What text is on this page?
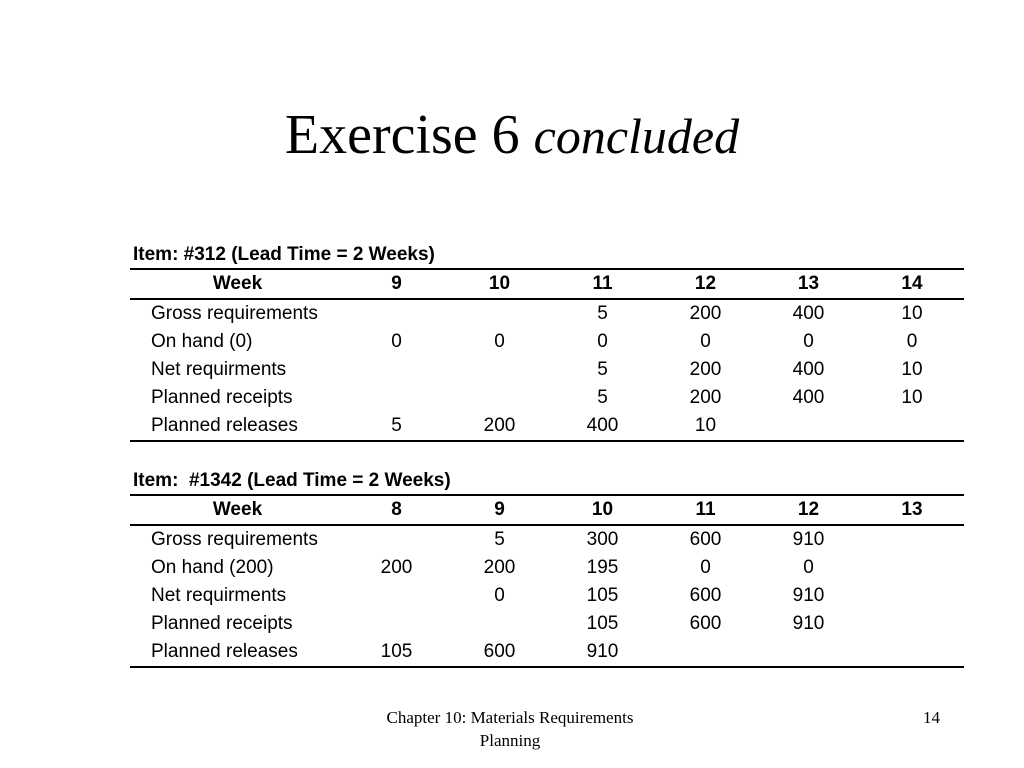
Exercise 6 concluded
Item: #312 (Lead Time = 2 Weeks)
Week	9	10	11	12	13	14
Gross requirements			5	200	400	10
On hand (0)	0	0	0	0	0	0
Net requirments			5	200	400	10
Planned receipts			5	200	400	10
Planned releases	5	200	400	10		
Item:  #1342 (Lead Time = 2 Weeks)
Week	8	9	10	11	12	13
Gross requirements		5	300	600	910	
On hand (200)	200	200	195	0	0	
Net requirments		0	105	600	910	
Planned receipts			105	600	910	
Planned releases	105	600	910			
Chapter 10: Materials Requirements
Planning
14
